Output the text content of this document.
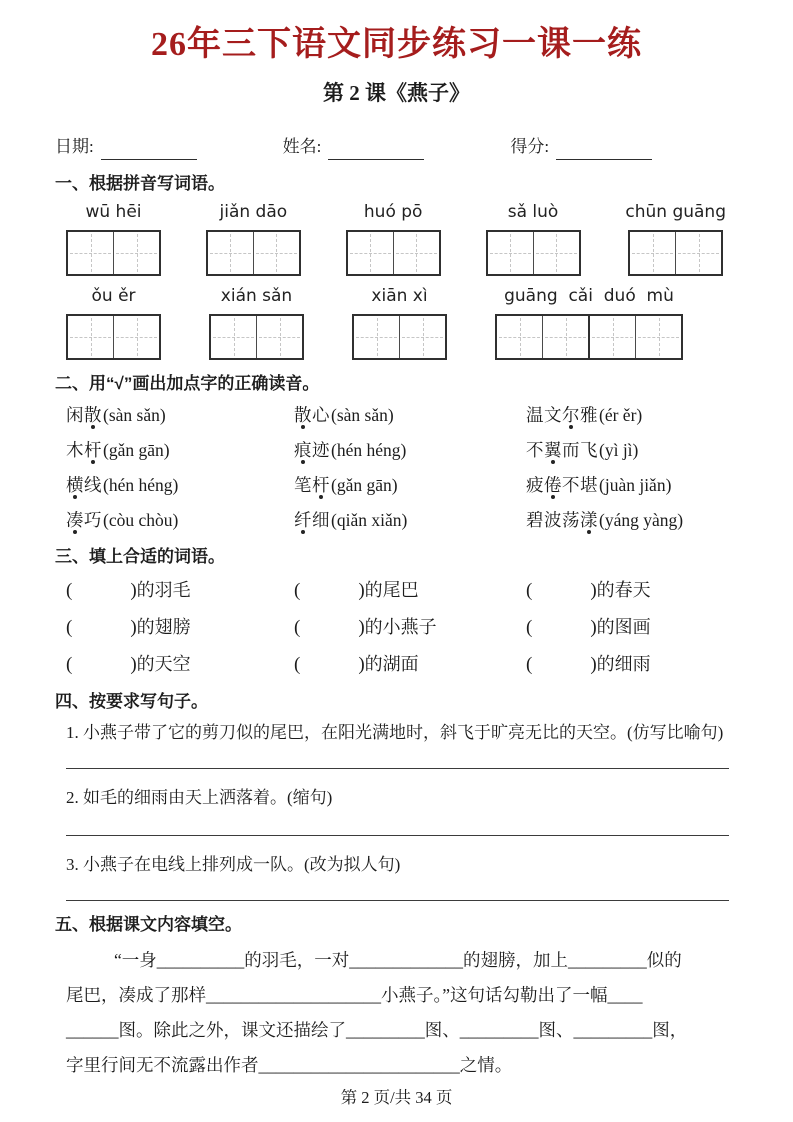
26年三下语文同步练习一课一练
第 2 课《燕子》
日期:	姓名:	得分:
一、根据拼音写词语。
wū hēi	jiǎn dāo	huó pō	sǎ luò	chūn guāng
ǒu ěr	xián sǎn	xiān xì	guāng  cǎi  duó  mù
二、用“√”画出加点字的正确读音。
闲散(sàn sǎn)	散心(sàn sǎn)	温文尔雅(ér ěr)
木杆(gǎn gān)	痕迹(hén héng)	不翼而飞(yì jì)
横线(hén héng)	笔杆(gǎn gān)	疲倦不堪(juàn jiǎn)
凑巧(còu chòu)	纤细(qiǎn xiǎn)	碧波荡漾(yáng yàng)
三、填上合适的词语。
(	)的羽毛	(	)的尾巴	(	)的春天
(	)的翅膀	(	)的小燕子	(	)的图画
(	)的天空	(	)的湖面	(	)的细雨
四、按要求写句子。
1. 小燕子带了它的剪刀似的尾巴，在阳光满地时，斜飞于旷亮无比的天空。(仿写比喻句)
2. 如毛的细雨由天上洒落着。(缩句)
3. 小燕子在电线上排列成一队。(改为拟人句)
五、根据课文内容填空。
“一身__________的羽毛，一对_____________的翅膀，加上_________似的
尾巴，凑成了那样____________________小燕子。”这句话勾勒出了一幅____
______图。除此之外，课文还描绘了_________图、_________图、_________图，
字里行间无不流露出作者_______________________之情。
第 2 页/共 34 页
